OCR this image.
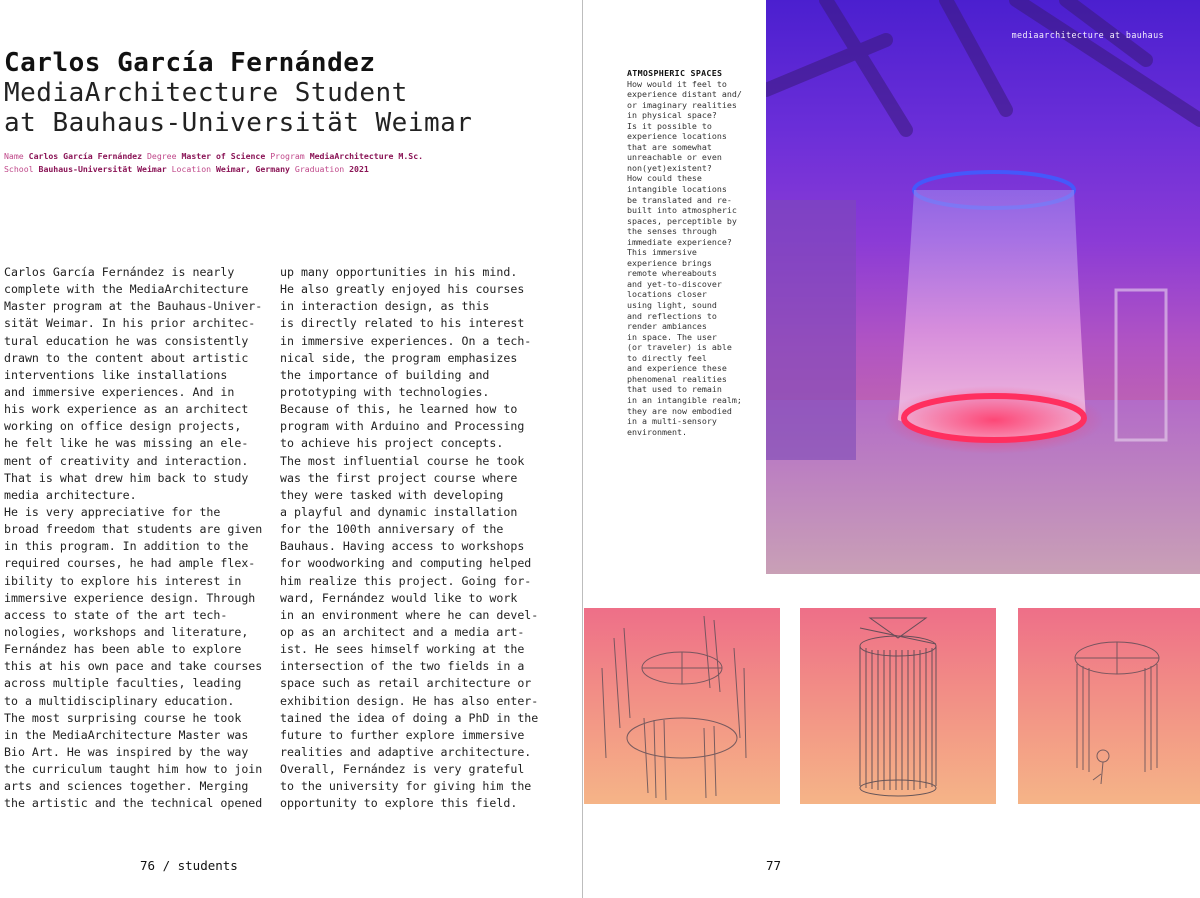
Carlos García Fernández
MediaArchitecture Student
at Bauhaus-Universität Weimar
Name Carlos García Fernández Degree Master of Science Program MediaArchitecture M.Sc.
School Bauhaus-Universität Weimar Location Weimar, Germany Graduation 2021
Carlos García Fernández is nearly
complete with the MediaArchitecture
Master program at the Bauhaus-Univer-
sität Weimar. In his prior architec-
tural education he was consistently
drawn to the content about artistic
interventions like installations
and immersive experiences. And in
his work experience as an architect
working on office design projects,
he felt like he was missing an ele-
ment of creativity and interaction.
That is what drew him back to study
media architecture.
He is very appreciative for the
broad freedom that students are given
in this program. In addition to the
required courses, he had ample flex-
ibility to explore his interest in
immersive experience design. Through
access to state of the art tech-
nologies, workshops and literature,
Fernández has been able to explore
this at his own pace and take courses
across multiple faculties, leading
to a multidisciplinary education.
The most surprising course he took
in the MediaArchitecture Master was
Bio Art. He was inspired by the way
the curriculum taught him how to join
arts and sciences together. Merging
the artistic and the technical opened
up many opportunities in his mind.
He also greatly enjoyed his courses
in interaction design, as this
is directly related to his interest
in immersive experiences. On a tech-
nical side, the program emphasizes
the importance of building and
prototyping with technologies.
Because of this, he learned how to
program with Arduino and Processing
to achieve his project concepts.
The most influential course he took
was the first project course where
they were tasked with developing
a playful and dynamic installation
for the 100th anniversary of the
Bauhaus. Having access to workshops
for woodworking and computing helped
him realize this project. Going for-
ward, Fernández would like to work
in an environment where he can devel-
op as an architect and a media art-
ist. He sees himself working at the
intersection of the two fields in a
space such as retail architecture or
exhibition design. He has also enter-
tained the idea of doing a PhD in the
future to further explore immersive
realities and adaptive architecture.
Overall, Fernández is very grateful
to the university for giving him the
opportunity to explore this field.
76 / students
ATMOSPHERIC SPACES
How would it feel to
experience distant and/
or imaginary realities
in physical space?
Is it possible to
experience locations
that are somewhat
unreachable or even
non(yet)existent?
How could these
intangible locations
be translated and re-
built into atmospheric
spaces, perceptible by
the senses through
immediate experience?
This immersive
experience brings
remote whereabouts
and yet-to-discover
locations closer
using light, sound
and reflections to
render ambiances
in space. The user
(or traveler) is able
to directly feel
and experience these
phenomenal realities
that used to remain
in an intangible realm;
they are now embodied
in a multi-sensory
environment.
mediaarchitecture at bauhaus
77
